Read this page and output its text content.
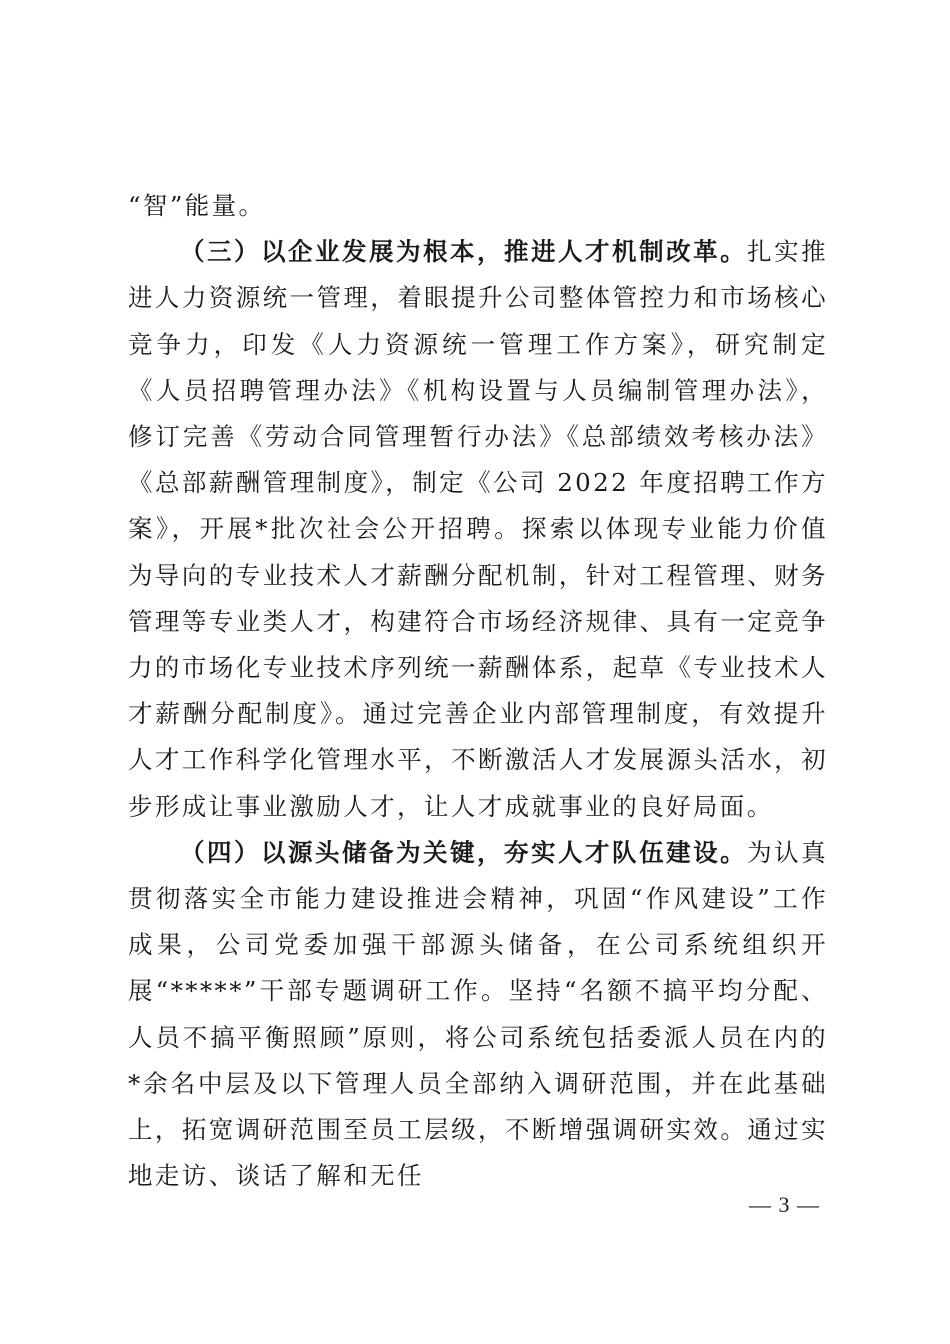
“智”能量。

（三）以企业发展为根本，推进人才机制改革。扎实推进人力资源统一管理，着眼提升公司整体管控力和市场核心竞争力，印发《人力资源统一管理工作方案》，研究制定《人员招聘管理办法》《机构设置与人员编制管理办法》，修订完善《劳动合同管理暂行办法》《总部绩效考核办法》《总部薪酬管理制度》，制定《公司 2022 年度招聘工作方案》，开展*批次社会公开招聘。探索以体现专业能力价值为导向的专业技术人才薪酬分配机制，针对工程管理、财务管理等专业类人才，构建符合市场经济规律、具有一定竞争力的市场化专业技术序列统一薪酬体系，起草《专业技术人才薪酬分配制度》。通过完善企业内部管理制度，有效提升人才工作科学化管理水平，不断激活人才发展源头活水，初步形成让事业激励人才，让人才成就事业的良好局面。

（四）以源头储备为关键，夯实人才队伍建设。为认真贯彻落实全市能力建设推进会精神，巩固“作风建设”工作成果，公司党委加强干部源头储备，在公司系统组织开展“*****”干部专题调研工作。坚持“名额不搞平均分配、人员不搞平衡照顾”原则，将公司系统包括委派人员在内的*余名中层及以下管理人员全部纳入调研范围，并在此基础上，拓宽调研范围至员工层级，不断增强调研实效。通过实地走访、谈话了解和无任

— 3 —
